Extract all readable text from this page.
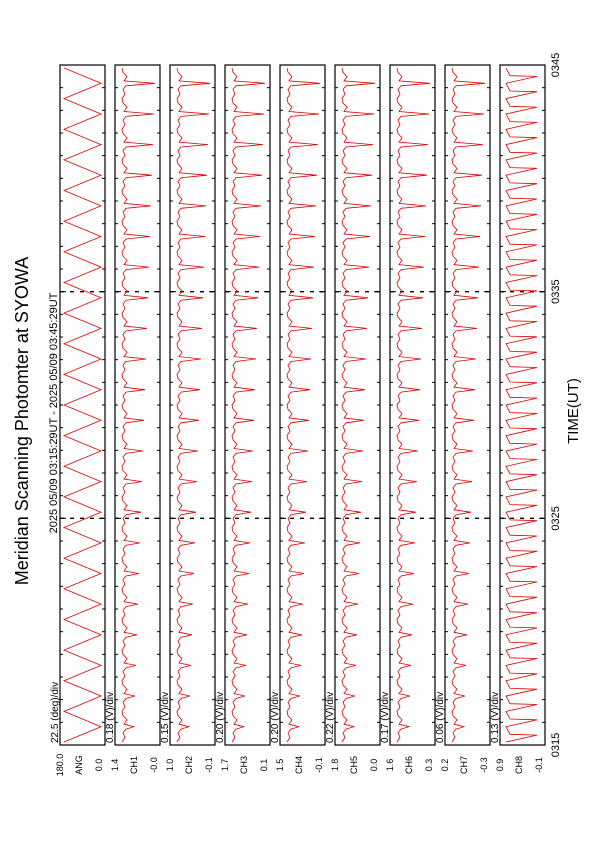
Meridian Scanning Photomter at SYOWA 2025 05/09 03:15:29UT - 2025 05/09 03:45:29UT	TIME(UT)
22.5 (deg)/div
180.0 ANG 0.0
0.18 (V)/div
1.4 CH1 -0.0
0.15 (V)/div
1.0 CH2 -0.1
0.20 (V)/div
1.7 CH3 0.1
0.20 (V)/div
1.5 CH4 -0.1
0.22 (V)/div
1.8 CH5 0.0
0.17 (V)/div
1.6 CH6 0.3
0.06 (V)/div
0.2 CH7 -0.3
0.13 (V)/div
0.9 CH8 -0.1
0315
0325
0335
0345
